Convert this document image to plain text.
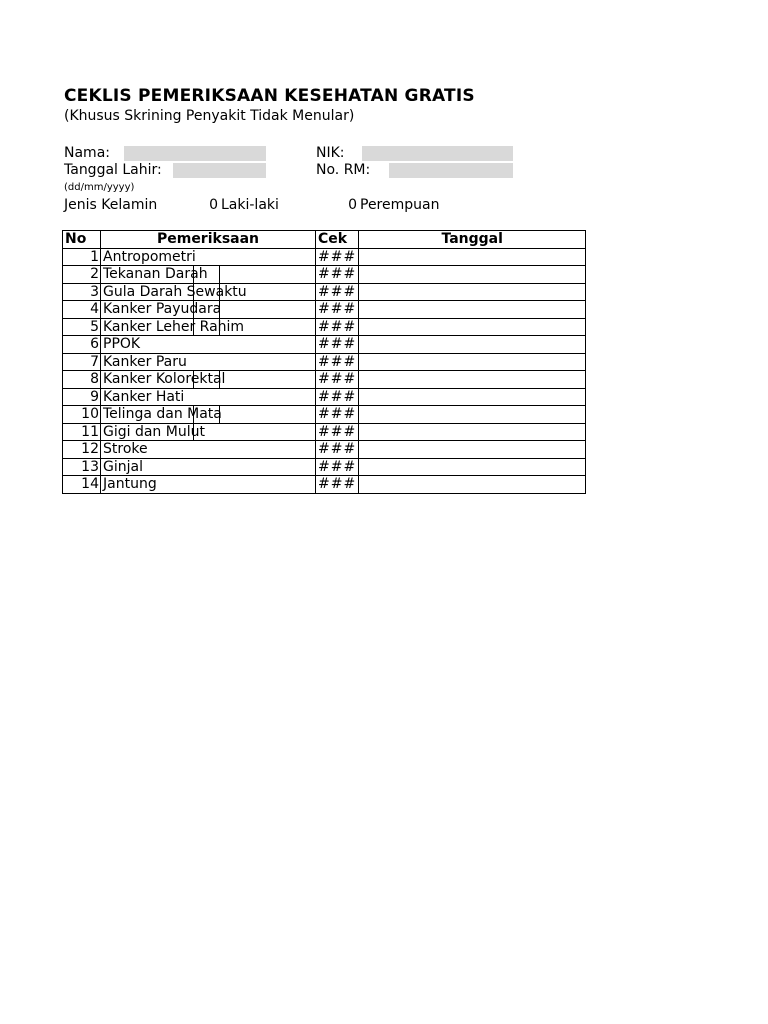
CEKLIS PEMERIKSAAN KESEHATAN GRATIS
(Khusus Skrining Penyakit Tidak Menular)
Nama:	NIK:
Tanggal Lahir:	No. RM:
(dd/mm/yyyy)
Jenis Kelamin	0 Laki-laki	0 Perempuan
No	Pemeriksaan	Cek	Tanggal
1	Antropometri	###	
2	Tekanan Darah	###	
3	Gula Darah Sewaktu	###	
4	Kanker Payudara	###	
5	Kanker Leher Rahim	###	
6	PPOK	###	
7	Kanker Paru	###	
8	Kanker Kolorektal	###	
9	Kanker Hati	###	
10	Telinga dan Mata	###	
11	Gigi dan Mulut	###	
12	Stroke	###	
13	Ginjal	###	
14	Jantung	###	
